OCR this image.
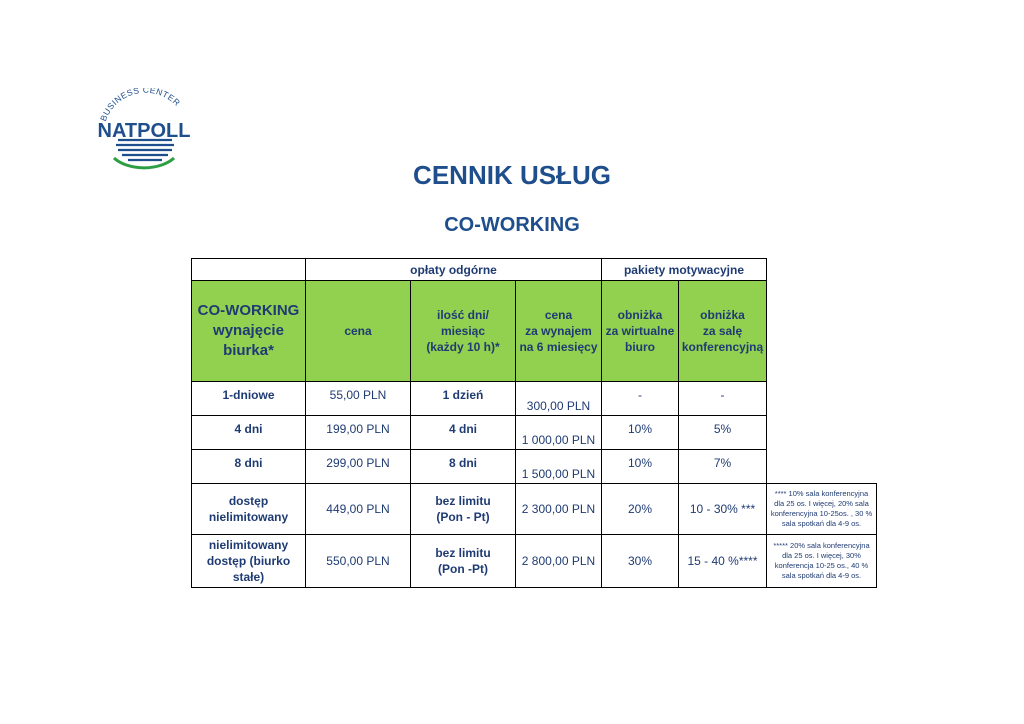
BUSINESS CENTER
NATPOLL
CENNIK USŁUG
CO-WORKING
	opłaty odgórne			pakiety motywacyjne		
CO-WORKING
wynajęcie
biurka*	cena	ilość dni/
miesiąc
(każdy 10 h)*	cena
za wynajem
na 6 miesięcy	obniżka
za wirtualne
biuro	obniżka
za salę
konferencyjną	
1-dniowe	55,00 PLN	1 dzień	300,00 PLN	-	-	
4 dni	199,00 PLN	4 dni	1 000,00 PLN	10%	5%	
8 dni	299,00 PLN	8 dni	1 500,00 PLN	10%	7%	
dostęp
nielimitowany	449,00 PLN	bez limitu
(Pon - Pt)	2 300,00 PLN	20%	10 - 30% ***	**** 10% sala konferencyjna dla 25 os. I więcej, 20% sala konferencyjna 10-25os. , 30 % sala spotkań dla 4-9 os.
nielimitowany
dostęp (biurko
stałe)	550,00 PLN	bez limitu
(Pon -Pt)	2 800,00 PLN	30%	15 - 40 %****	***** 20% sala konferencyjna dla 25 os. I więcej, 30% konferencja 10-25 os., 40 % sala spotkań dla 4-9 os.
